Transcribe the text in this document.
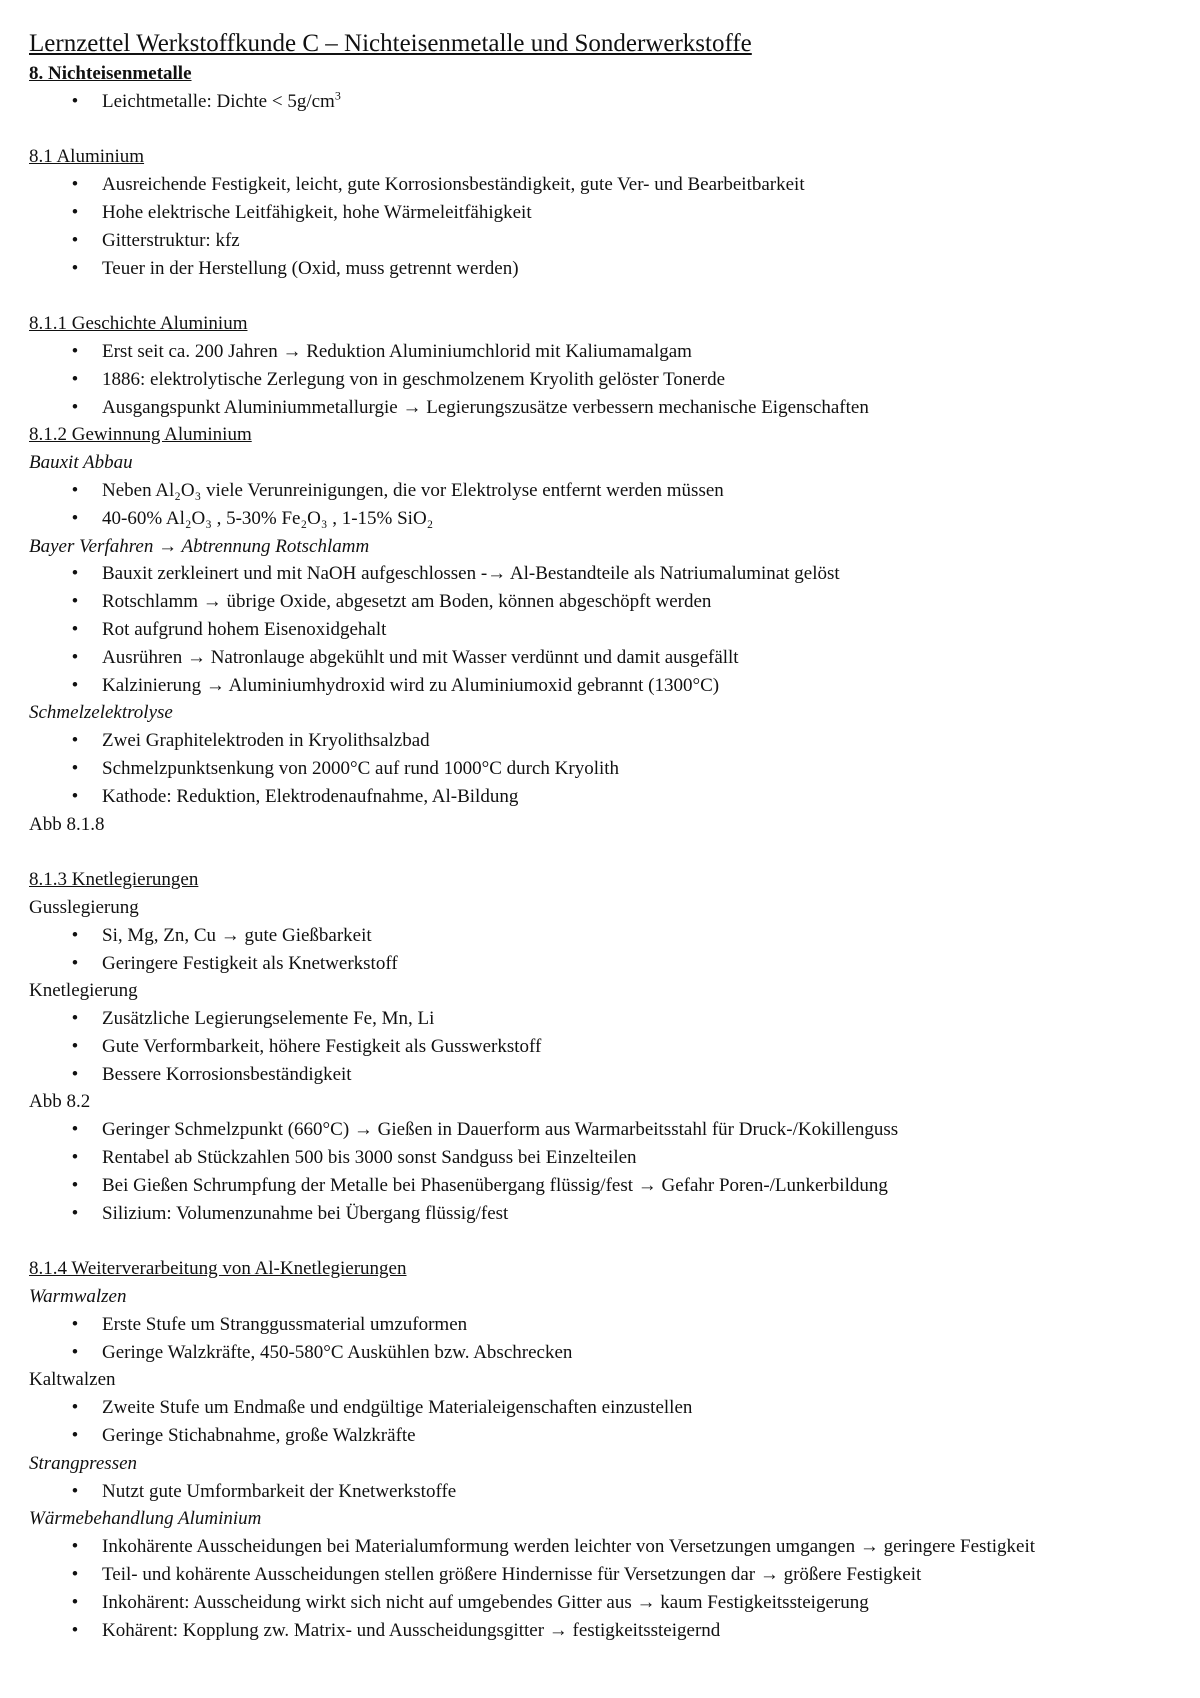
Lernzettel Werkstoffkunde C – Nichteisenmetalle und Sonderwerkstoffe

8. Nichteisenmetalle

•	Leichtmetalle: Dichte < $5g/cm^3$

8.1 Aluminium

•	Ausreichende Festigkeit, leicht, gute Korrosionsbeständigkeit, gute Ver- und Bearbeitbarkeit

•	Hohe elektrische Leitfähigkeit, hohe Wärmeleitfähigkeit

•	Gitterstruktur: kfz

•	Teuer in der Herstellung (Oxid, muss getrennt werden)

8.1.1 Geschichte Aluminium

•	Erst seit ca. 200 Jahren → Reduktion Aluminiumchlorid mit Kaliumamalgam

•	1886: elektrolytische Zerlegung von in geschmolzenem Kryolith gelöster Tonerde

•	Ausgangspunkt Aluminiummetallurgie → Legierungszusätze verbessern mechanische Eigenschaften

8.1.2 Gewinnung Aluminium

Bauxit Abbau

•	Neben Al₂O₃ viele Verunreinigungen, die vor Elektrolyse entfernt werden müssen

•	40-60% Al₂O₃ , 5-30% Fe₂O₃ , 1-15% SiO₂

Bayer Verfahren → Abtrennung Rotschlamm

•	Bauxit zerkleinert und mit NaOH aufgeschlossen -→ Al-Bestandteile als Natriumaluminat gelöst

•	Rotschlamm → übrige Oxide, abgesetzt am Boden, können abgeschöpft werden

•	Rot aufgrund hohem Eisenoxidgehalt

•	Ausrühren → Natronlauge abgekühlt und mit Wasser verdünnt und damit ausgefällt

•	Kalzinierung → Aluminiumhydroxid wird zu Aluminiumoxid gebrannt (1300°C)

Schmelzelektrolyse

•	Zwei Graphitelektroden in Kryolithsalzbad

•	Schmelzpunktsenkung von 2000°C auf rund 1000°C durch Kryolith

•	Kathode: Reduktion, Elektrodenaufnahme, Al-Bildung

Abb 8.1.8

8.1.3 Knetlegierungen

Gusslegierung

•	Si, Mg, Zn, Cu → gute Gießbarkeit

•	Geringere Festigkeit als Knetwerkstoff

Knetlegierung

•	Zusätzliche Legierungselemente Fe, Mn, Li

•	Gute Verformbarkeit, höhere Festigkeit als Gusswerkstoff

•	Bessere Korrosionsbeständigkeit

Abb 8.2

•	Geringer Schmelzpunkt (660°C) → Gießen in Dauerform aus Warmarbeitsstahl für Druck-/Kokillenguss

•	Rentabel ab Stückzahlen 500 bis 3000 sonst Sandguss bei Einzelteilen

•	Bei Gießen Schrumpfung der Metalle bei Phasenübergang flüssig/fest → Gefahr Poren-/Lunkerbildung

•	Silizium: Volumenzunahme bei Übergang flüssig/fest

8.1.4 Weiterverarbeitung von Al-Knetlegierungen

Warmwalzen

•	Erste Stufe um Stranggussmaterial umzuformen

•	Geringe Walzkräfte, 450-580°C Auskühlen bzw. Abschrecken

Kaltwalzen

•	Zweite Stufe um Endmaße und endgültige Materialeigenschaften einzustellen

•	Geringe Stichabnahme, große Walzkräfte

Strangpressen

•	Nutzt gute Umformbarkeit der Knetwerkstoffe

Wärmebehandlung Aluminium

•	Inkohärente Ausscheidungen bei Materialumformung werden leichter von Versetzungen umgangen → geringere Festigkeit

•	Teil- und kohärente Ausscheidungen stellen größere Hindernisse für Versetzungen dar → größere Festigkeit

•	Inkohärent: Ausscheidung wirkt sich nicht auf umgebendes Gitter aus → kaum Festigkeitssteigerung

•	Kohärent: Kopplung zw. Matrix- und Ausscheidungsgitter → festigkeitssteigernd
